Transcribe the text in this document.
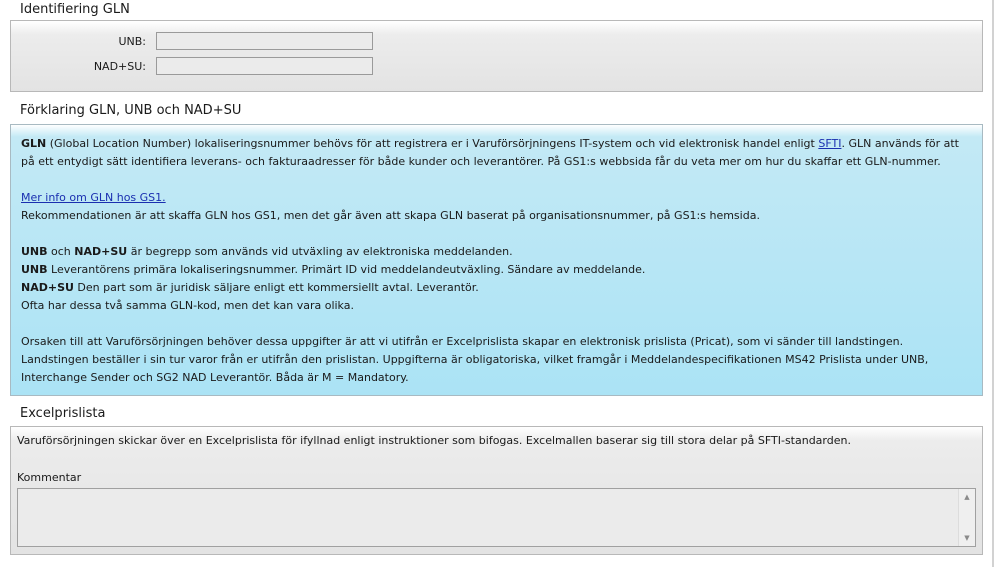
Identifiering GLN
UNB:
NAD+SU:
Förklaring GLN, UNB och NAD+SU

GLN (Global Location Number) lokaliseringsnummer behövs för att registrera er i Varuförsörjningens IT-system och vid elektronisk handel enligt SFTI. GLN används för att på ett entydigt sätt identifiera leverans- och fakturaadresser för både kunder och leverantörer. På GS1:s webbsida får du veta mer om hur du skaffar ett GLN-nummer.

Mer info om GLN hos GS1.

Rekommendationen är att skaffa GLN hos GS1, men det går även att skapa GLN baserat på organisationsnummer, på GS1:s hemsida.

UNB och NAD+SU är begrepp som används vid utväxling av elektroniska meddelanden.

UNB Leverantörens primära lokaliseringsnummer. Primärt ID vid meddelandeutväxling. Sändare av meddelande.

NAD+SU Den part som är juridisk säljare enligt ett kommersiellt avtal. Leverantör.

Ofta har dessa två samma GLN-kod, men det kan vara olika.

Orsaken till att Varuförsörjningen behöver dessa uppgifter är att vi utifrån er Excelprislista skapar en elektronisk prislista (Pricat), som vi sänder till landstingen. Landstingen beställer i sin tur varor från er utifrån den prislistan. Uppgifterna är obligatoriska, vilket framgår i Meddelandespecifikationen MS42 Prislista under UNB, Interchange Sender och SG2 NAD Leverantör. Båda är M = Mandatory.

Excelprislista
Varuförsörjningen skickar över en Excelprislista för ifyllnad enligt instruktioner som bifogas. Excelmallen baserar sig till stora delar på SFTI-standarden.
Kommentar
▲
▼
